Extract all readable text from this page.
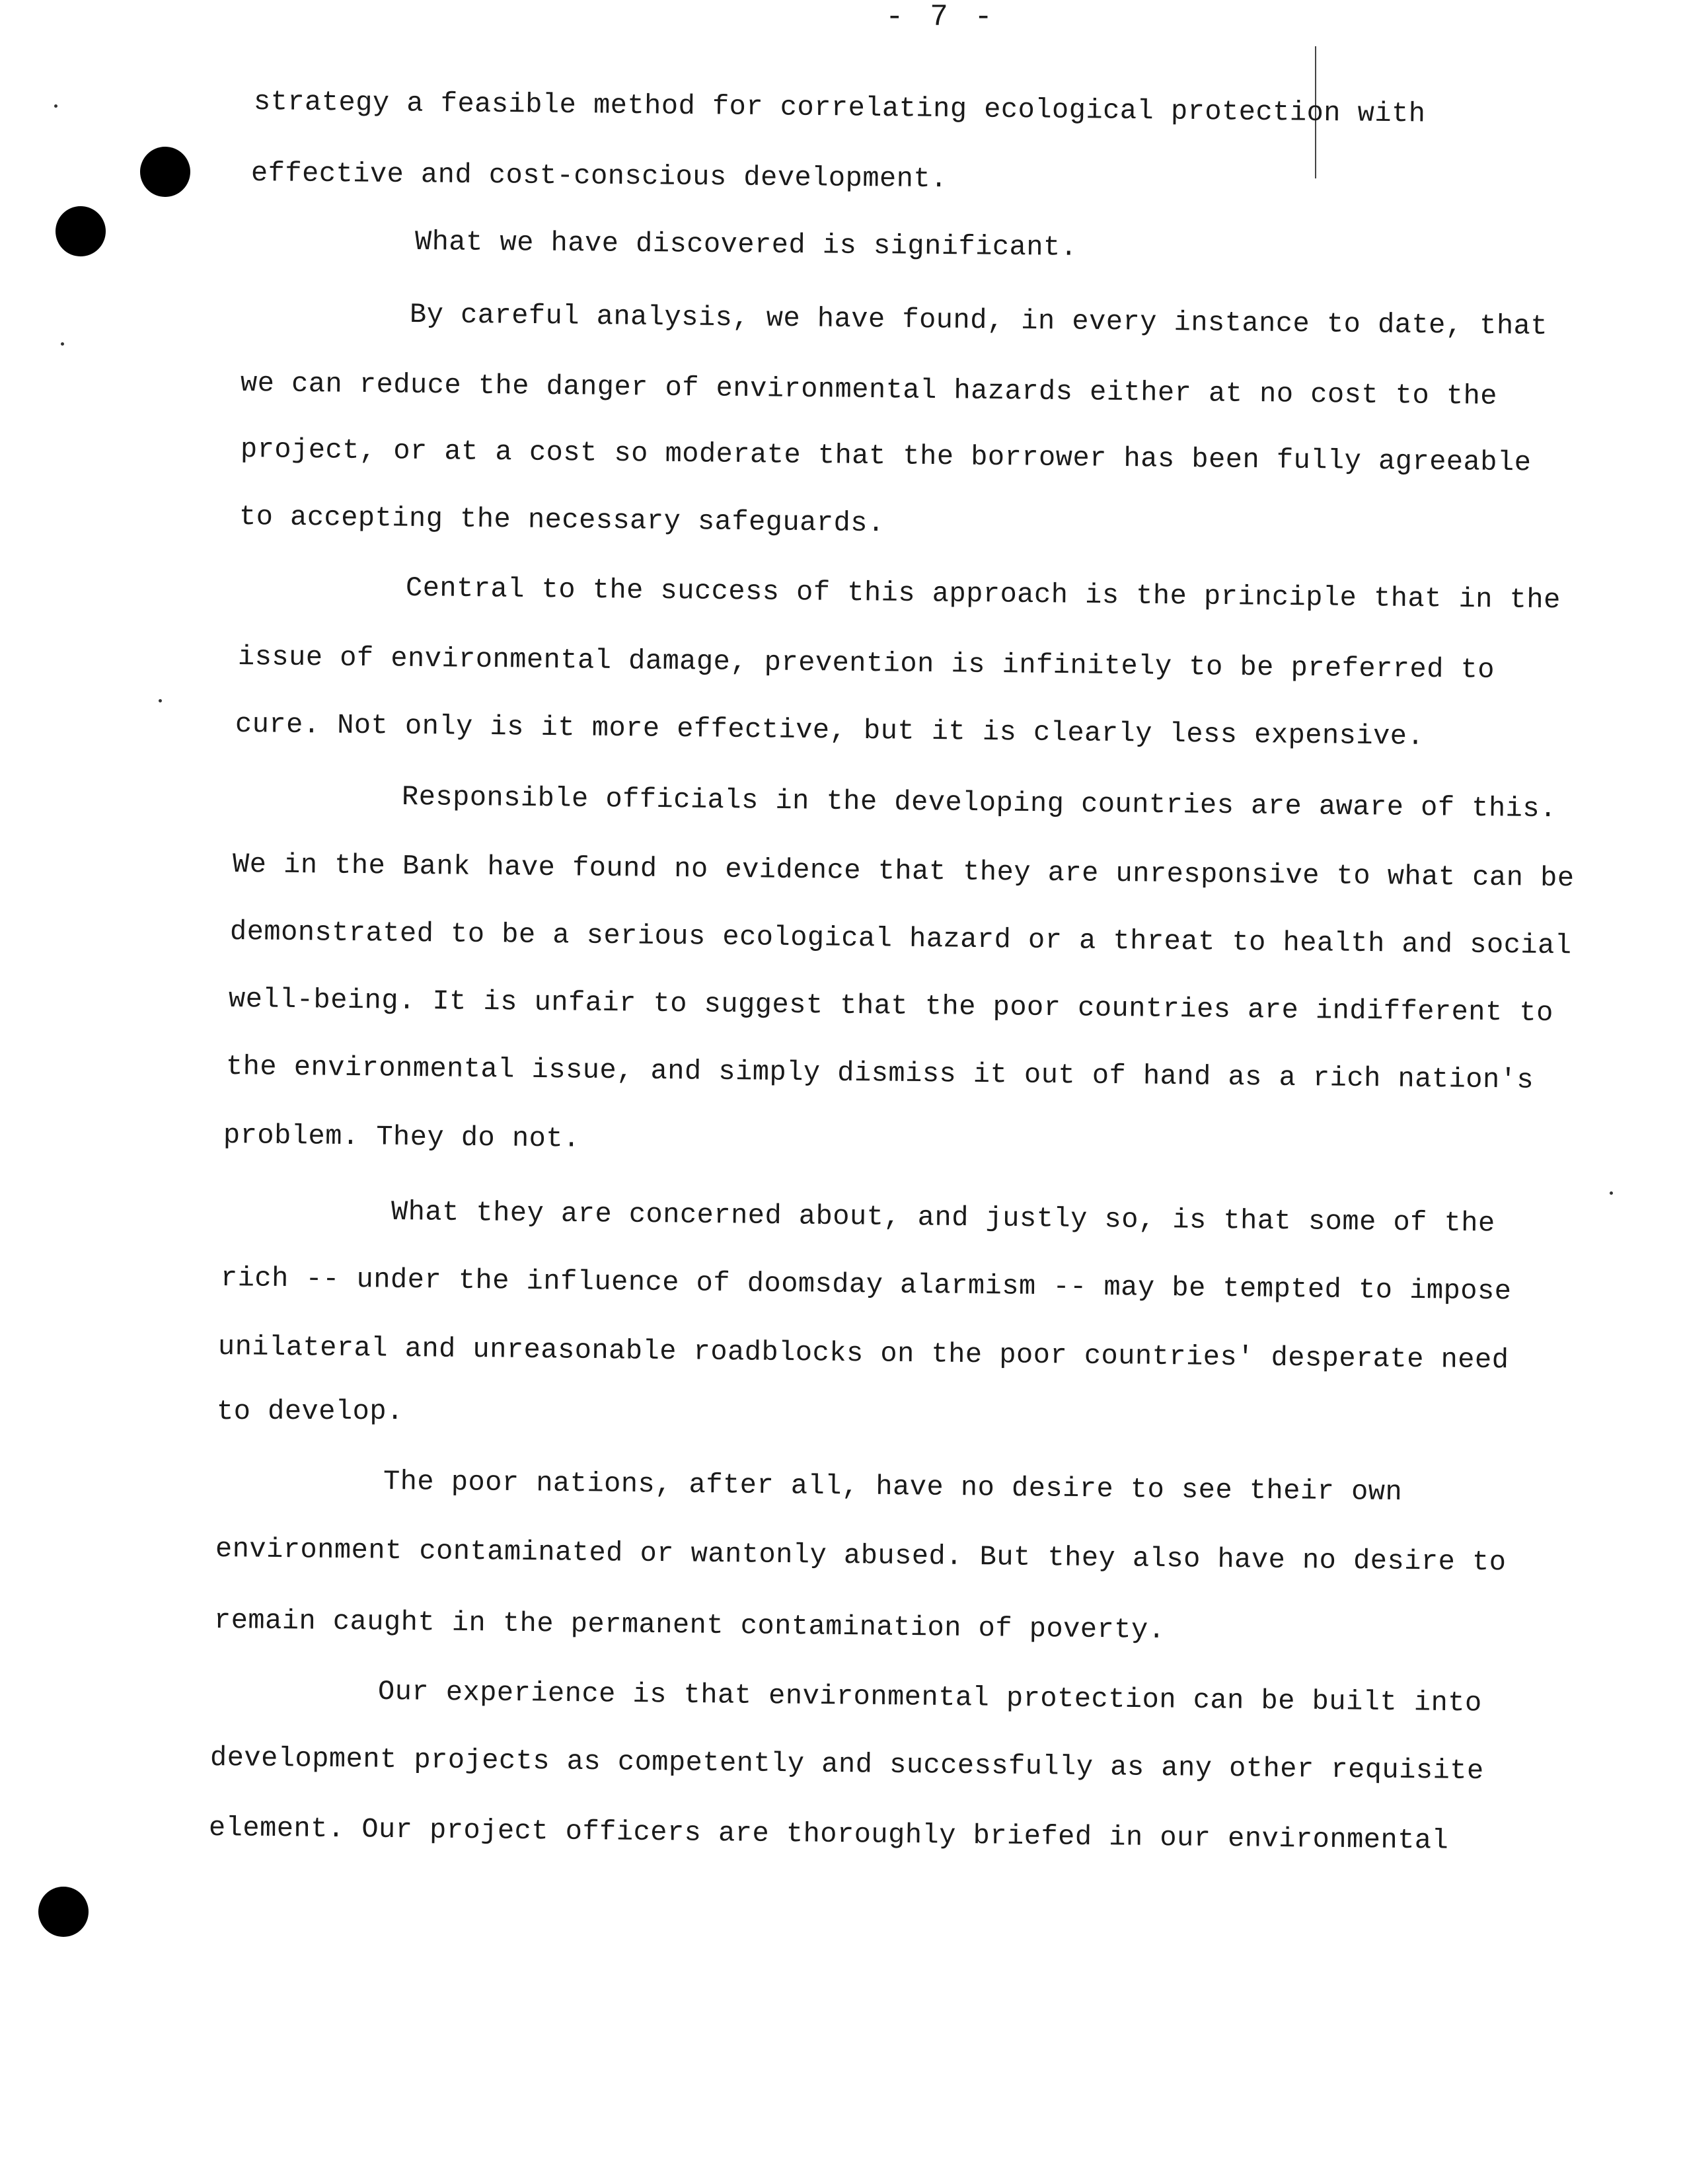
- 7 -
strategy a feasible method for correlating ecological protection with
effective and cost-conscious development.
What we have discovered is significant.
By careful analysis, we have found, in every instance to date, that
we can reduce the danger of environmental hazards either at no cost to the
project, or at a cost so moderate that the borrower has been fully agreeable
to accepting the necessary safeguards.
Central to the success of this approach is the principle that in the
issue of environmental damage, prevention is infinitely to be preferred to
cure. Not only is it more effective, but it is clearly less expensive.
Responsible officials in the developing countries are aware of this.
We in the Bank have found no evidence that they are unresponsive to what can be
demonstrated to be a serious ecological hazard or a threat to health and social
well-being. It is unfair to suggest that the poor countries are indifferent to
the environmental issue, and simply dismiss it out of hand as a rich nation's
problem. They do not.
What they are concerned about, and justly so, is that some of the
rich -- under the influence of doomsday alarmism -- may be tempted to impose
unilateral and unreasonable roadblocks on the poor countries' desperate need
to develop.
The poor nations, after all, have no desire to see their own
environment contaminated or wantonly abused. But they also have no desire to
remain caught in the permanent contamination of poverty.
Our experience is that environmental protection can be built into
development projects as competently and successfully as any other requisite
element. Our project officers are thoroughly briefed in our environmental
